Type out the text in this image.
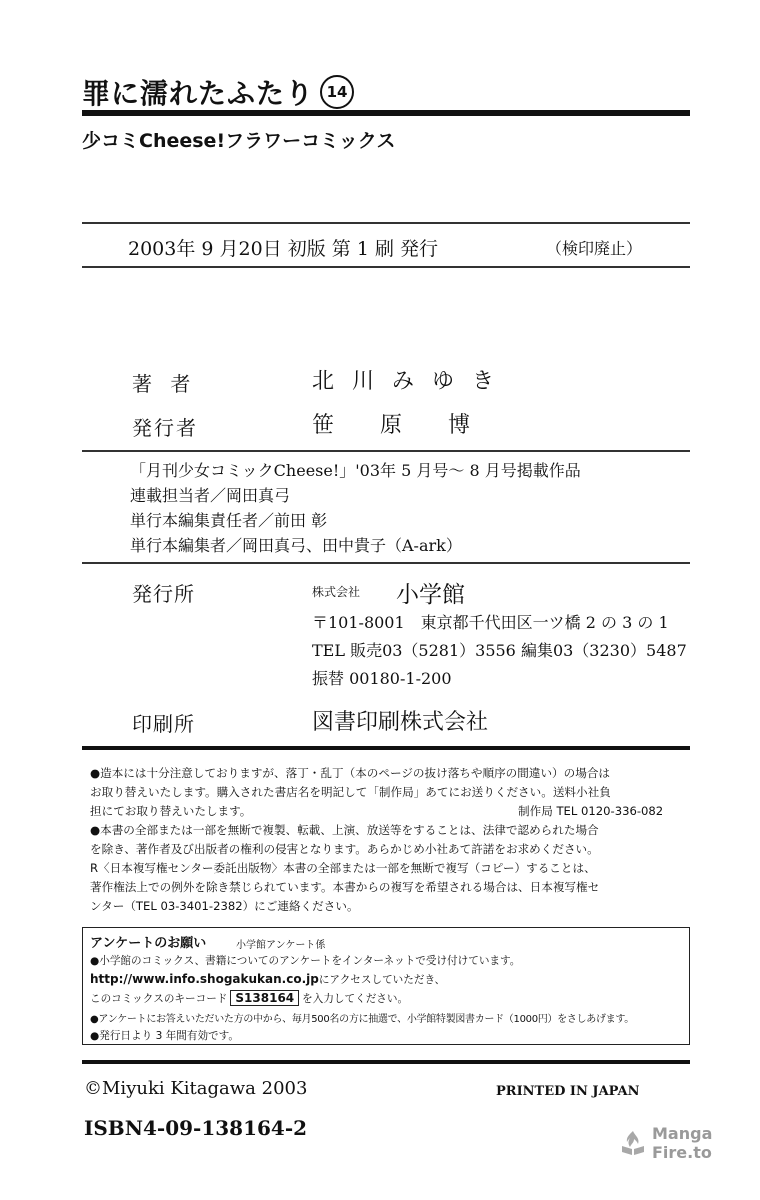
罪に濡れたふたり 14
少コミCheese!フラワーコミックス
2003年 9 月20日 初版 第 1 刷 発行	（検印廃止）
著 者	北川みゆき
発行者	笹原博
「月刊少女コミックCheese!」'03年 5 月号～ 8 月号掲載作品
連載担当者／岡田真弓
単行本編集責任者／前田 彰
単行本編集者／岡田真弓、田中貴子（A-ark）
発行所	株式会社 小学館
〒101-8001　東京都千代田区一ツ橋 2 の 3 の 1
TEL 販売03（5281）3556 編集03（3230）5487
振替 00180-1-200
印刷所	図書印刷株式会社
●造本には十分注意しておりますが、落丁・乱丁（本のページの抜け落ちや順序の間違い）の場合は
お取り替えいたします。購入された書店名を明記して「制作局」あてにお送りください。送料小社負
担にてお取り替えいたします。	制作局 TEL 0120-336-082
●本書の全部または一部を無断で複製、転載、上演、放送等をすることは、法律で認められた場合
を除き、著作者及び出版者の権利の侵害となります。あらかじめ小社あて許諾をお求めください。
R〈日本複写権センター委託出版物〉本書の全部または一部を無断で複写（コピー）することは、
著作権法上での例外を除き禁じられています。本書からの複写を希望される場合は、日本複写権セ
ンター（TEL 03-3401-2382）にご連絡ください。
アンケートのお願い	小学館アンケート係
●小学館のコミックス、書籍についてのアンケートをインターネットで受け付けています。
http://www.info.shogakukan.co.jpにアクセスしていただき、
このコミックスのキーコード S138164 を入力してください。
●アンケートにお答えいただいた方の中から、毎月500名の方に抽選で、小学館特製図書カード（1000円）をさしあげます。
●発行日より 3 年間有効です。
©Miyuki Kitagawa 2003	PRINTED IN JAPAN
ISBN4-09-138164-2	Manga
Fire.to
